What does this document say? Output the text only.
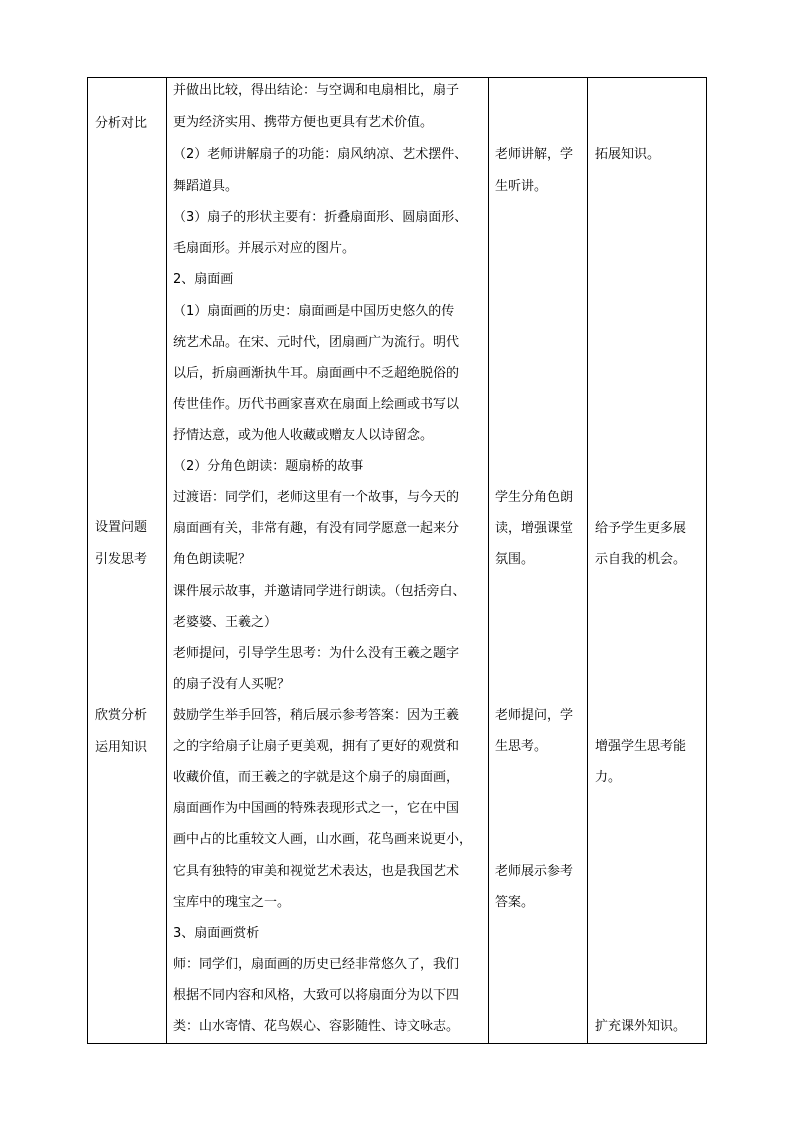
分析对比
设置问题
引发思考
欣赏分析
运用知识
并做出比较，得出结论：与空调和电扇相比，扇子
更为经济实用、携带方便也更具有艺术价值。
（2）老师讲解扇子的功能：扇风纳凉、艺术摆件、
舞蹈道具。
（3）扇子的形状主要有：折叠扇面形、圆扇面形、
毛扇面形。并展示对应的图片。
2、扇面画
（1）扇面画的历史：扇面画是中国历史悠久的传
统艺术品。在宋、元时代，团扇画广为流行。明代
以后，折扇画渐执牛耳。扇面画中不乏超绝脱俗的
传世佳作。历代书画家喜欢在扇面上绘画或书写以
抒情达意，或为他人收藏或赠友人以诗留念。
（2）分角色朗读：题扇桥的故事
过渡语：同学们，老师这里有一个故事，与今天的
扇面画有关，非常有趣，有没有同学愿意一起来分
角色朗读呢？
课件展示故事，并邀请同学进行朗读。（包括旁白、
老婆婆、王羲之）
老师提问，引导学生思考：为什么没有王羲之题字
的扇子没有人买呢？
鼓励学生举手回答，稍后展示参考答案：因为王羲
之的字给扇子让扇子更美观，拥有了更好的观赏和
收藏价值，而王羲之的字就是这个扇子的扇面画，
扇面画作为中国画的特殊表现形式之一，它在中国
画中占的比重较文人画，山水画，花鸟画来说更小，
它具有独特的审美和视觉艺术表达，也是我国艺术
宝库中的瑰宝之一。
3、扇面画赏析
师：同学们，扇面画的历史已经非常悠久了，我们
根据不同内容和风格，大致可以将扇面分为以下四
类：山水寄情、花鸟娱心、容影随性、诗文咏志。
老师讲解，学
生听讲。
学生分角色朗
读，增强课堂
氛围。
老师提问，学
生思考。
老师展示参考
答案。
拓展知识。
给予学生更多展
示自我的机会。
增强学生思考能
力。
扩充课外知识。
